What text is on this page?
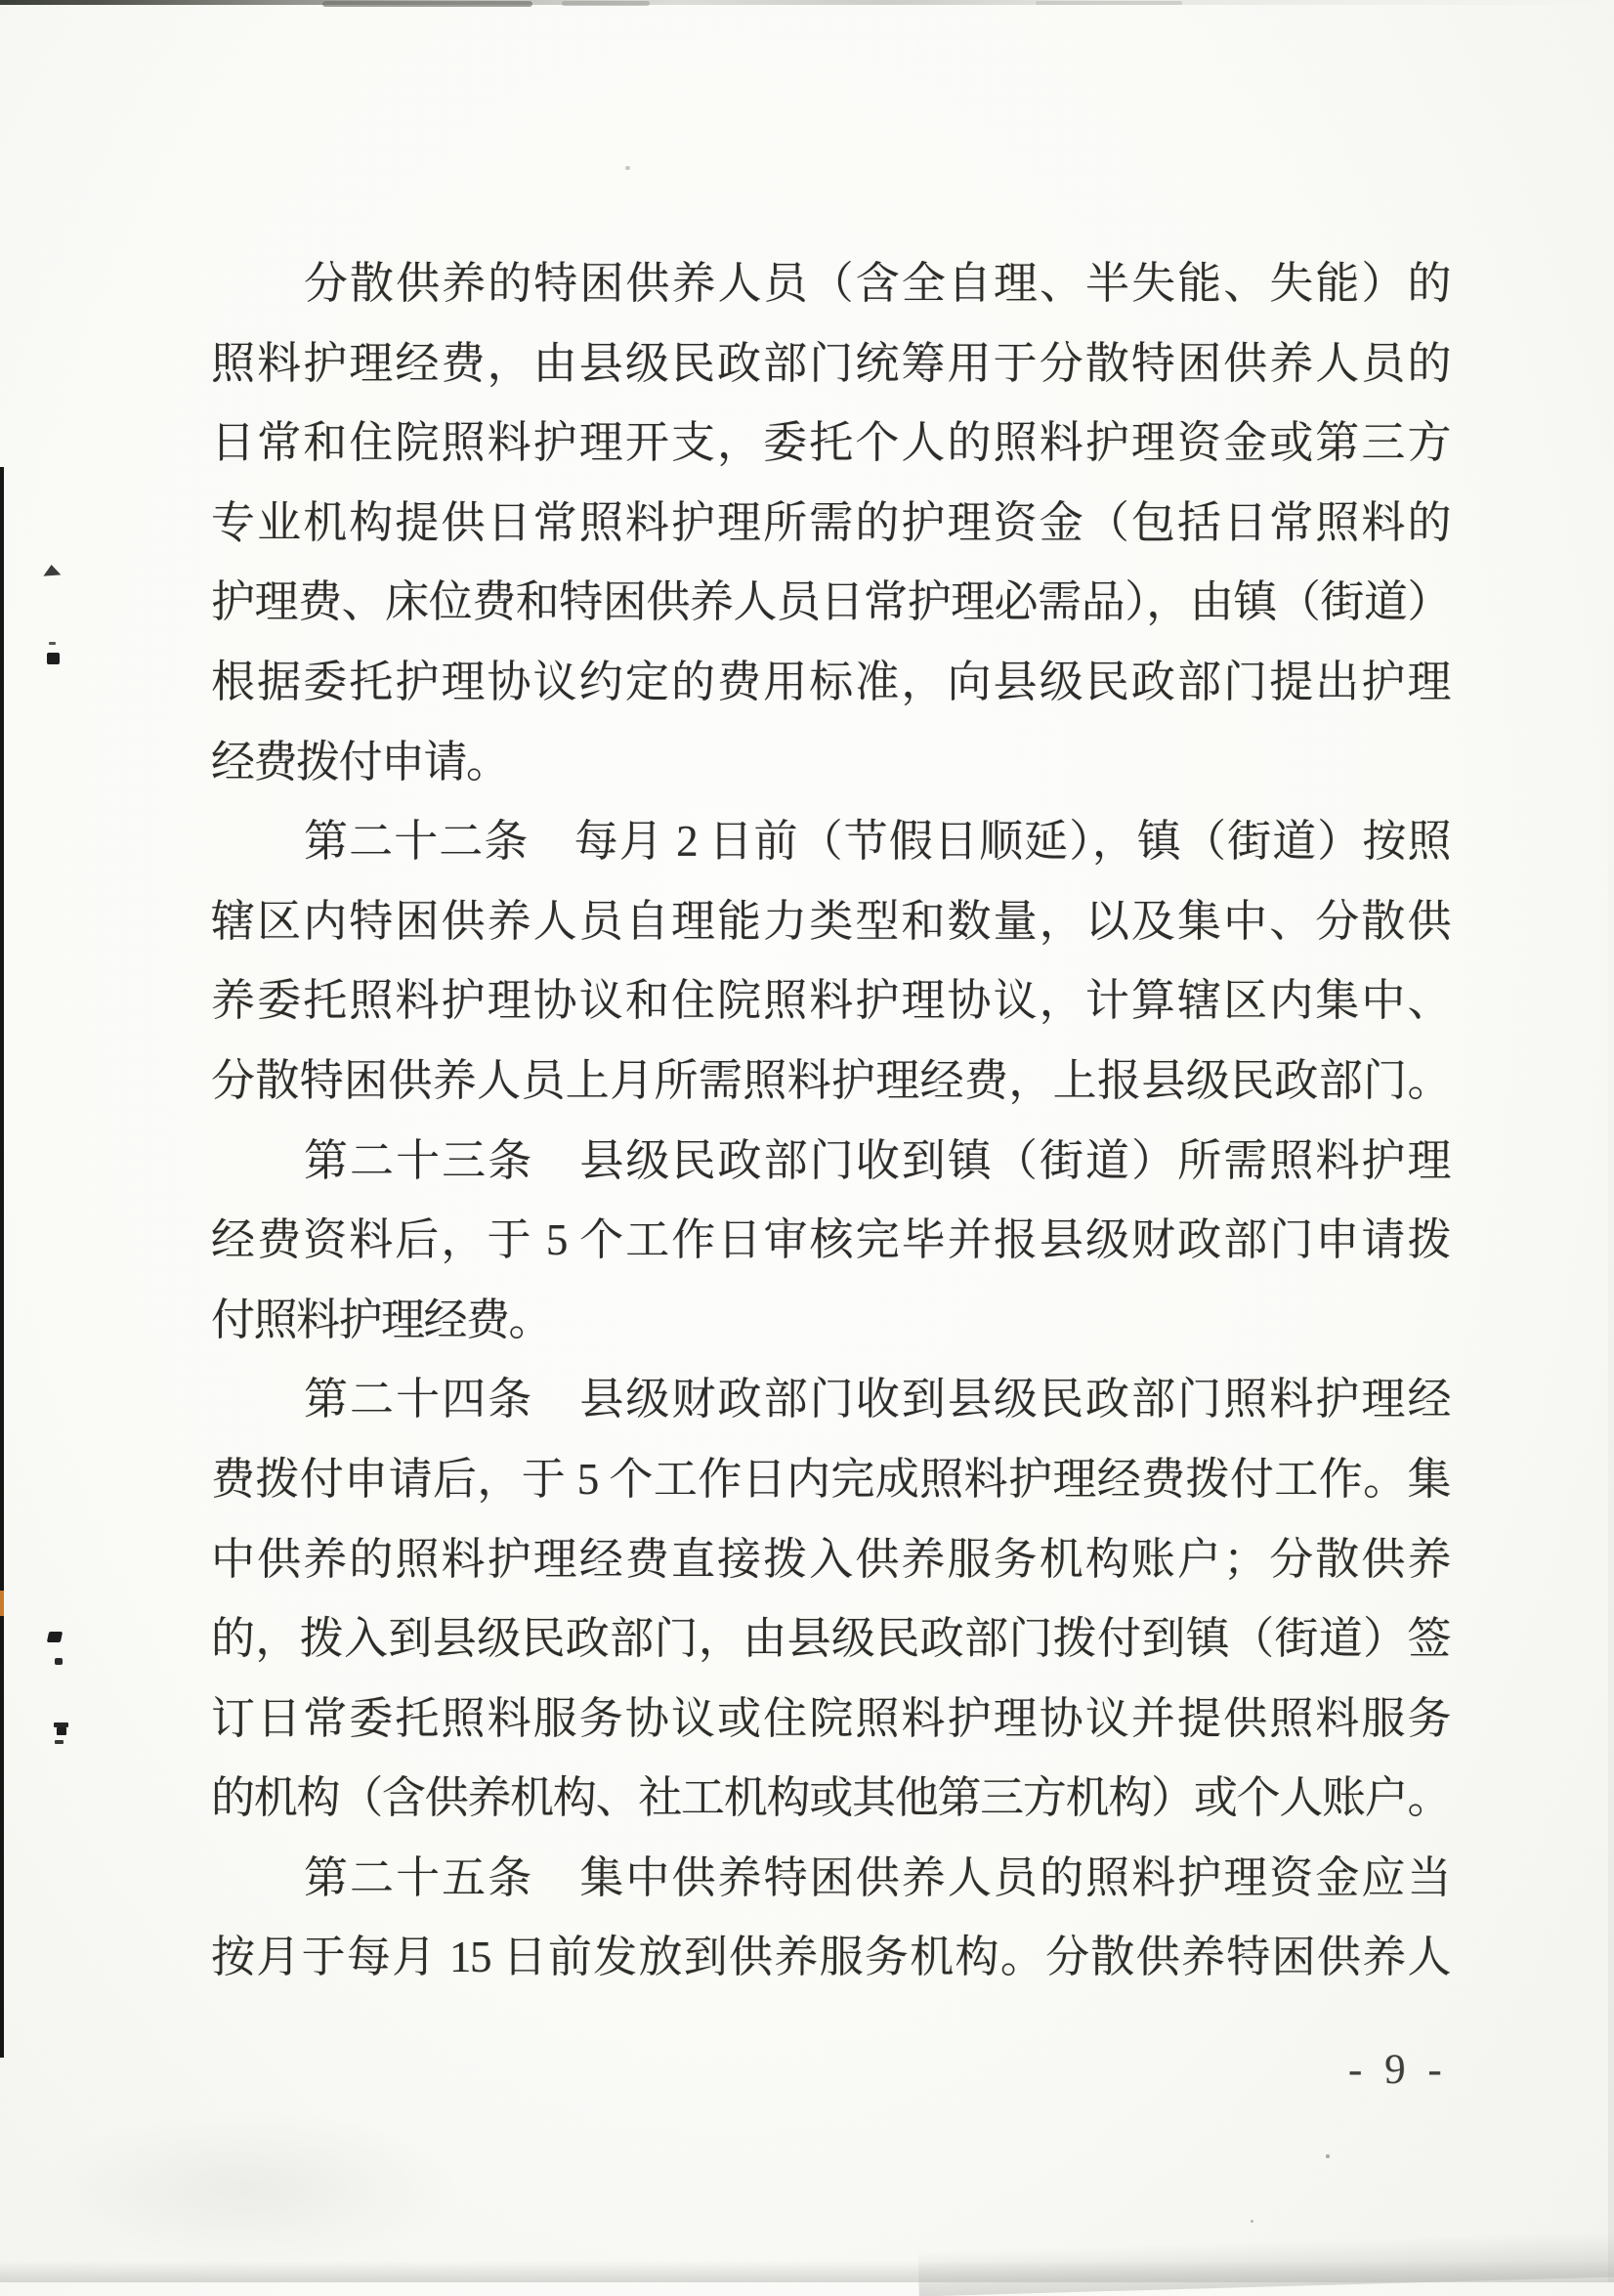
分散供养的特困供养人员（含全自理、半失能、失能）的
照料护理经费，由县级民政部门统筹用于分散特困供养人员的
日常和住院照料护理开支，委托个人的照料护理资金或第三方
专业机构提供日常照料护理所需的护理资金（包括日常照料的
护理费、床位费和特困供养人员日常护理必需品），由镇（街道）
根据委托护理协议约定的费用标准，向县级民政部门提出护理
经费拨付申请。
第二十二条　每月 2 日前（节假日顺延），镇（街道）按照
辖区内特困供养人员自理能力类型和数量，以及集中、分散供
养委托照料护理协议和住院照料护理协议，计算辖区内集中、
分散特困供养人员上月所需照料护理经费，上报县级民政部门。
第二十三条　县级民政部门收到镇（街道）所需照料护理
经费资料后，于 5 个工作日审核完毕并报县级财政部门申请拨
付照料护理经费。
第二十四条　县级财政部门收到县级民政部门照料护理经
费拨付申请后，于 5 个工作日内完成照料护理经费拨付工作。集
中供养的照料护理经费直接拨入供养服务机构账户；分散供养
的，拨入到县级民政部门，由县级民政部门拨付到镇（街道）签
订日常委托照料服务协议或住院照料护理协议并提供照料服务
的机构（含供养机构、社工机构或其他第三方机构）或个人账户。
第二十五条　集中供养特困供养人员的照料护理资金应当
按月于每月 15 日前发放到供养服务机构。分散供养特困供养人
- 9 -
